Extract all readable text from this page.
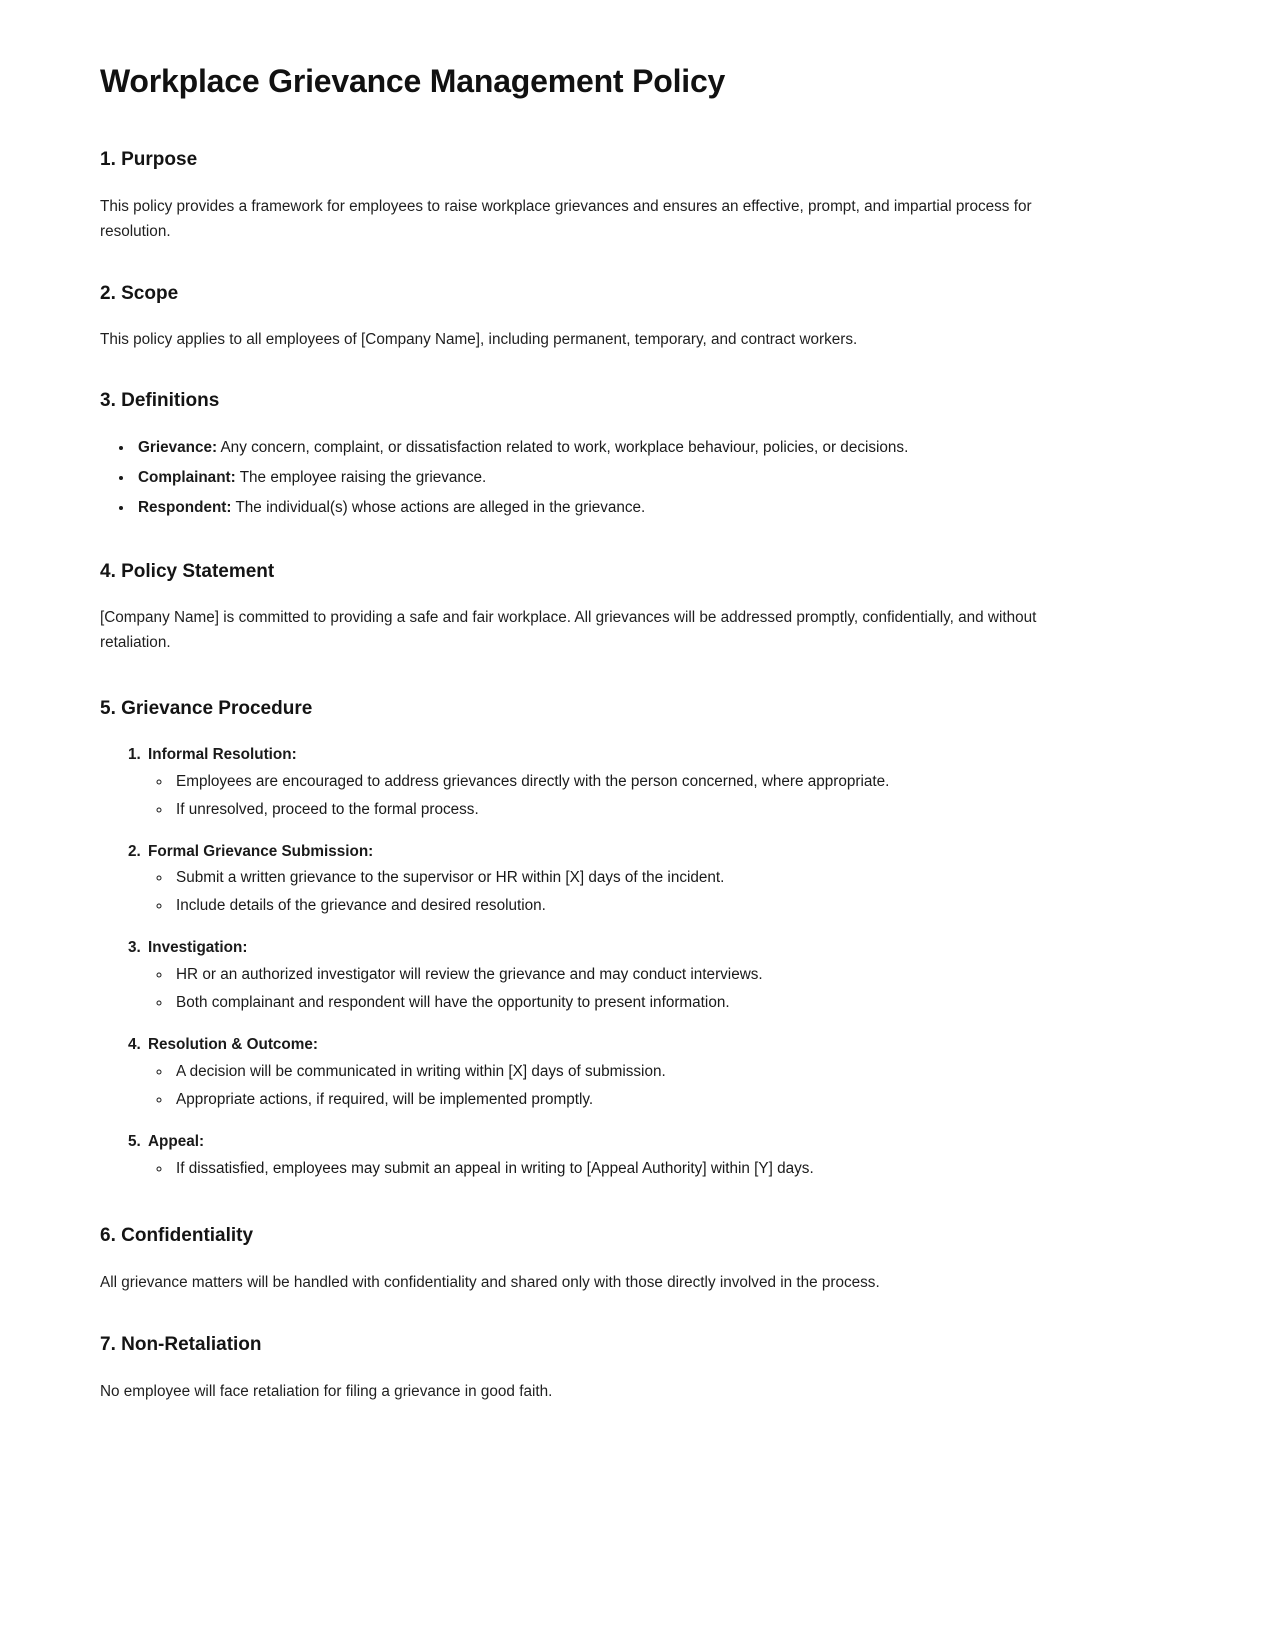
Workplace Grievance Management Policy
1. Purpose

This policy provides a framework for employees to raise workplace grievances and ensures an effective, prompt, and impartial process for resolution.

2. Scope

This policy applies to all employees of [Company Name], including permanent, temporary, and contract workers.

3. Definitions
• Grievance: Any concern, complaint, or dissatisfaction related to work, workplace behaviour, policies, or decisions.
• Complainant: The employee raising the grievance.
• Respondent: The individual(s) whose actions are alleged in the grievance.
4. Policy Statement

[Company Name] is committed to providing a safe and fair workplace. All grievances will be addressed promptly, confidentially, and without retaliation.

5. Grievance Procedure
1. Informal Resolution:
◦ Employees are encouraged to address grievances directly with the person concerned, where appropriate.
◦ If unresolved, proceed to the formal process.
2. Formal Grievance Submission:
◦ Submit a written grievance to the supervisor or HR within [X] days of the incident.
◦ Include details of the grievance and desired resolution.
3. Investigation:
◦ HR or an authorized investigator will review the grievance and may conduct interviews.
◦ Both complainant and respondent will have the opportunity to present information.
4. Resolution & Outcome:
◦ A decision will be communicated in writing within [X] days of submission.
◦ Appropriate actions, if required, will be implemented promptly.
5. Appeal:
◦ If dissatisfied, employees may submit an appeal in writing to [Appeal Authority] within [Y] days.
6. Confidentiality

All grievance matters will be handled with confidentiality and shared only with those directly involved in the process.

7. Non-Retaliation

No employee will face retaliation for filing a grievance in good faith.
